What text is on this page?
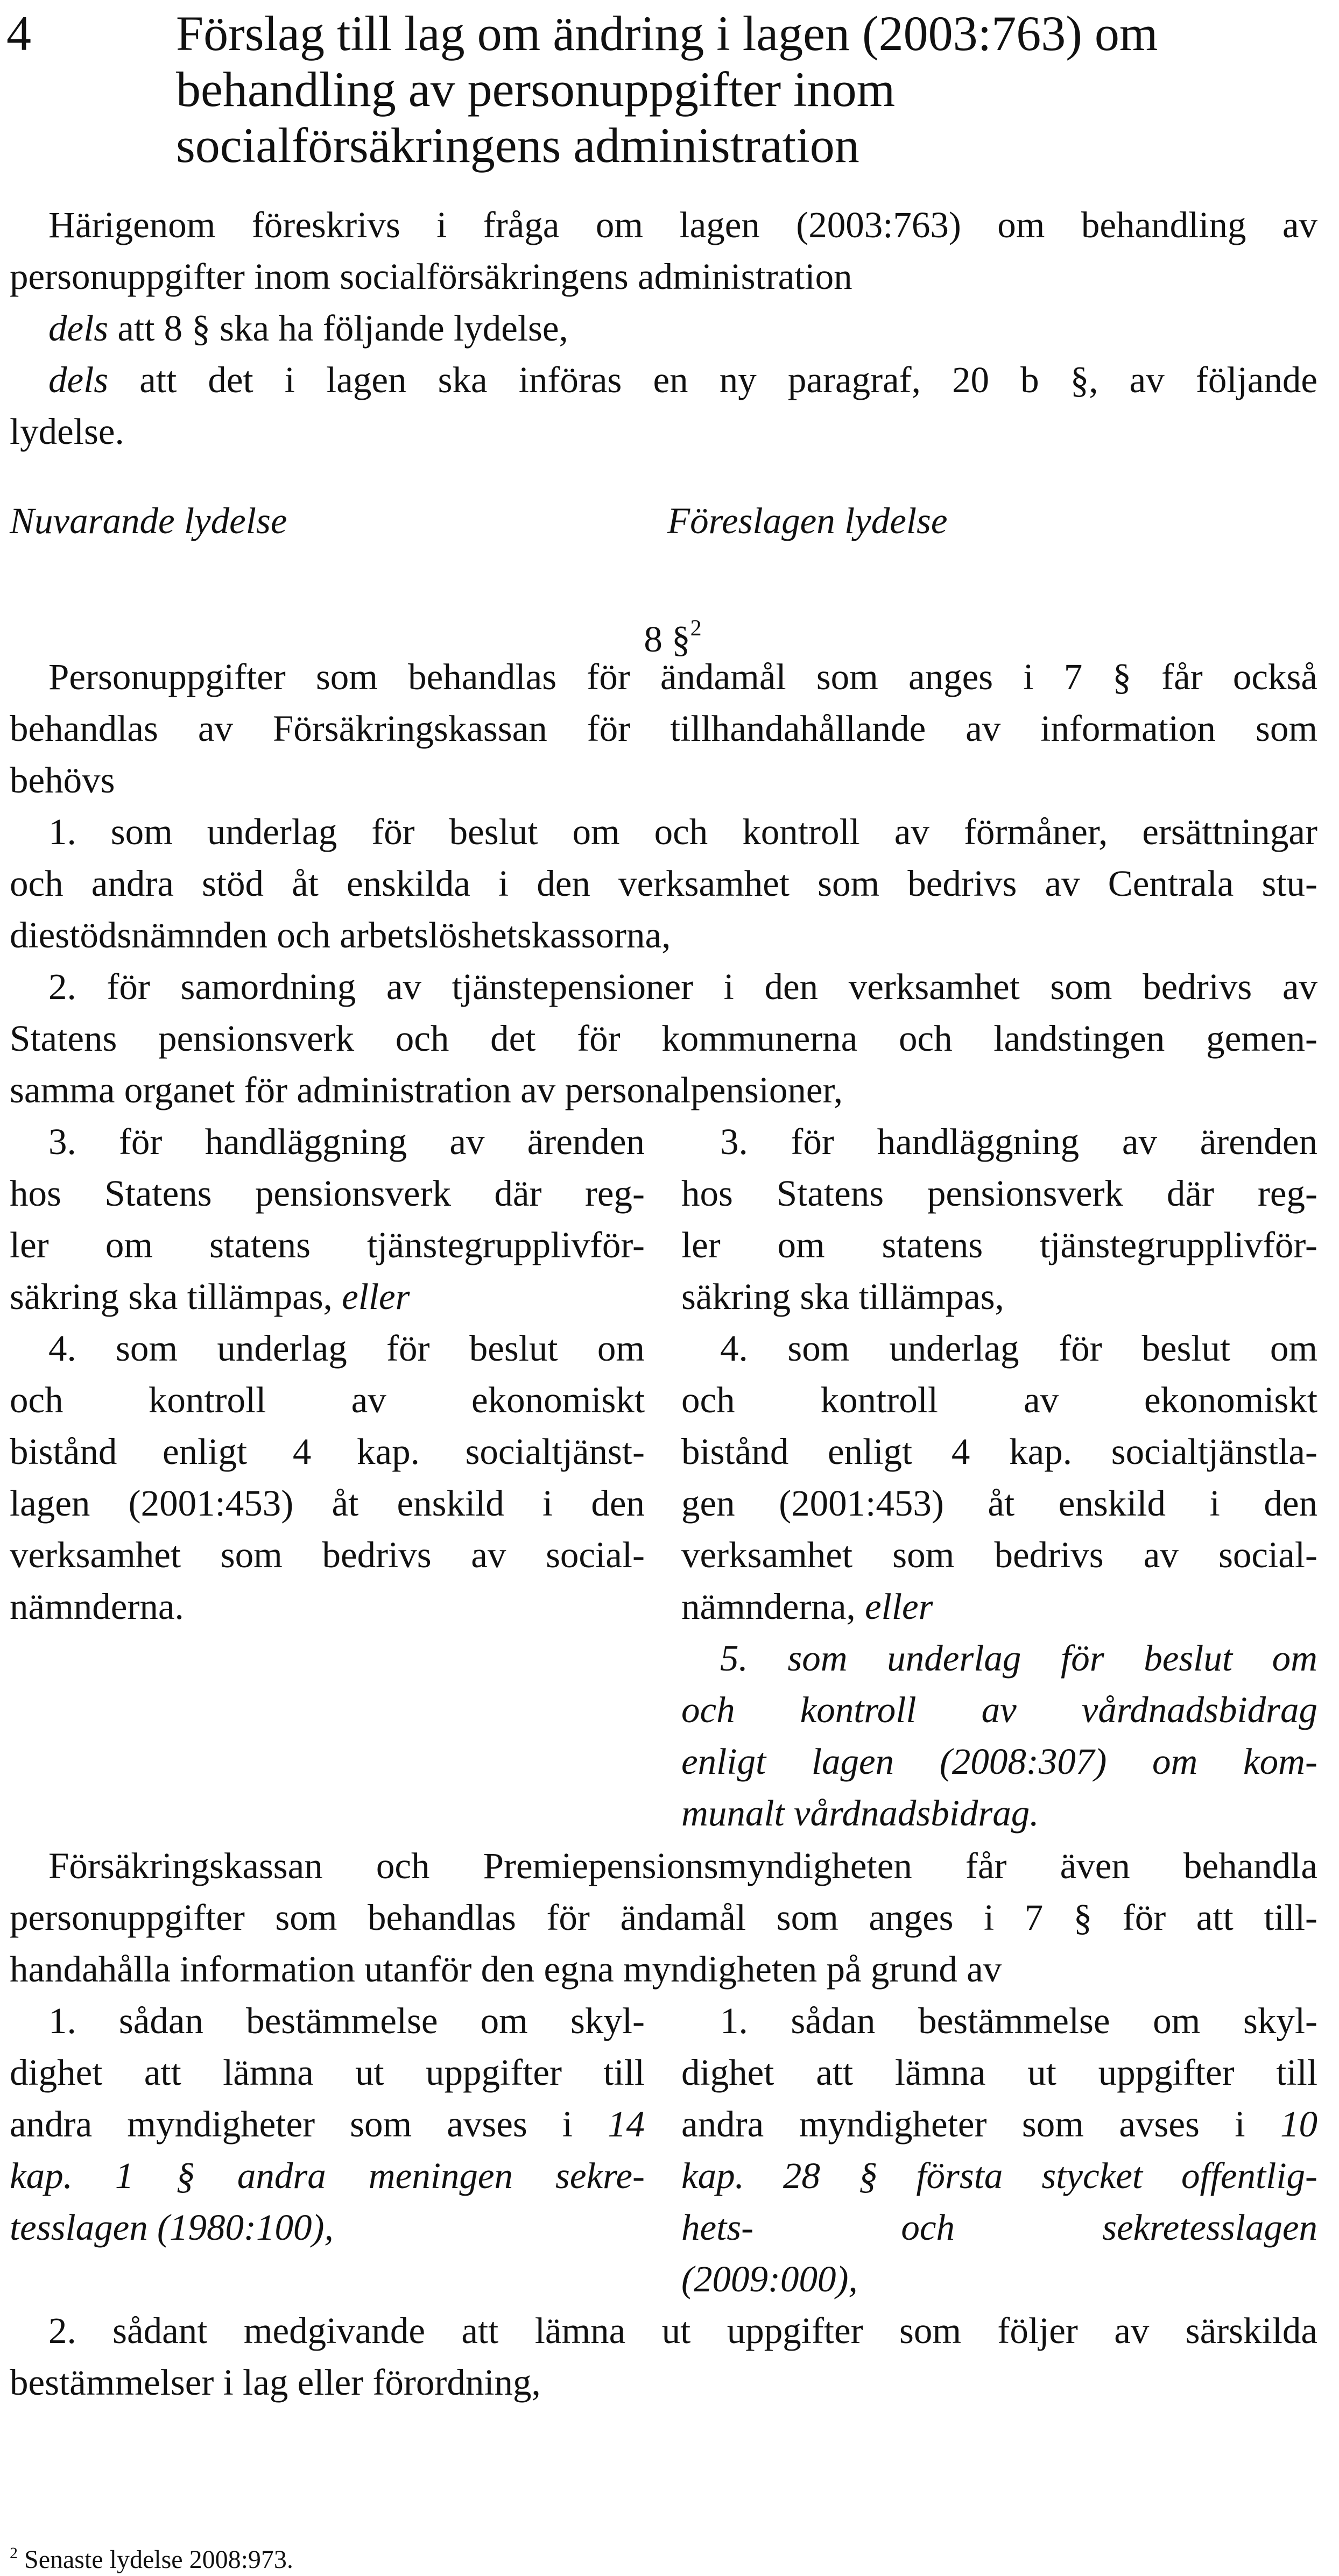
4	Förslag till lag om ändring i lagen (2003:763) om
behandling av personuppgifter inom
socialförsäkringens administration
Härigenom föreskrivs i fråga om lagen (2003:763) om behandling av
personuppgifter inom socialförsäkringens administration
dels att 8 § ska ha följande lydelse,
dels att det i lagen ska införas en ny paragraf, 20 b §, av följande
lydelse.
Nuvarande lydelse	Föreslagen lydelse
8 §$^2$
Personuppgifter som behandlas för ändamål som anges i 7 § får också
behandlas av Försäkringskassan för tillhandahållande av information som
behövs
1. som underlag för beslut om och kontroll av förmåner, ersättningar
och andra stöd åt enskilda i den verksamhet som bedrivs av Centrala stu-
diestödsnämnden och arbetslöshetskassorna,
2. för samordning av tjänstepensioner i den verksamhet som bedrivs av
Statens pensionsverk och det för kommunerna och landstingen gemen-
samma organet för administration av personalpensioner,
3. för handläggning av ärenden
hos Statens pensionsverk där reg-
ler om statens tjänstegrupplivför-
säkring ska tillämpas, eller
4. som underlag för beslut om
och kontroll av ekonomiskt
bistånd enligt 4 kap. socialtjänst-
lagen (2001:453) åt enskild i den
verksamhet som bedrivs av social-
nämnderna.
3. för handläggning av ärenden
hos Statens pensionsverk där reg-
ler om statens tjänstegrupplivför-
säkring ska tillämpas,
4. som underlag för beslut om
och kontroll av ekonomiskt
bistånd enligt 4 kap. socialtjänstla-
gen (2001:453) åt enskild i den
verksamhet som bedrivs av social-
nämnderna, eller
5. som underlag för beslut om
och kontroll av vårdnadsbidrag
enligt lagen (2008:307) om kom-
munalt vårdnadsbidrag.
Försäkringskassan och Premiepensionsmyndigheten får även behandla
personuppgifter som behandlas för ändamål som anges i 7 § för att till-
handahålla information utanför den egna myndigheten på grund av
1. sådan bestämmelse om skyl-
dighet att lämna ut uppgifter till
andra myndigheter som avses i 14
kap. 1 § andra meningen sekre-
tesslagen (1980:100),
1. sådan bestämmelse om skyl-
dighet att lämna ut uppgifter till
andra myndigheter som avses i 10
kap. 28 § första stycket offentlig-
hets- och sekretesslagen
(2009:000),
2. sådant medgivande att lämna ut uppgifter som följer av särskilda
bestämmelser i lag eller förordning,
$^2$ Senaste lydelse 2008:973.
